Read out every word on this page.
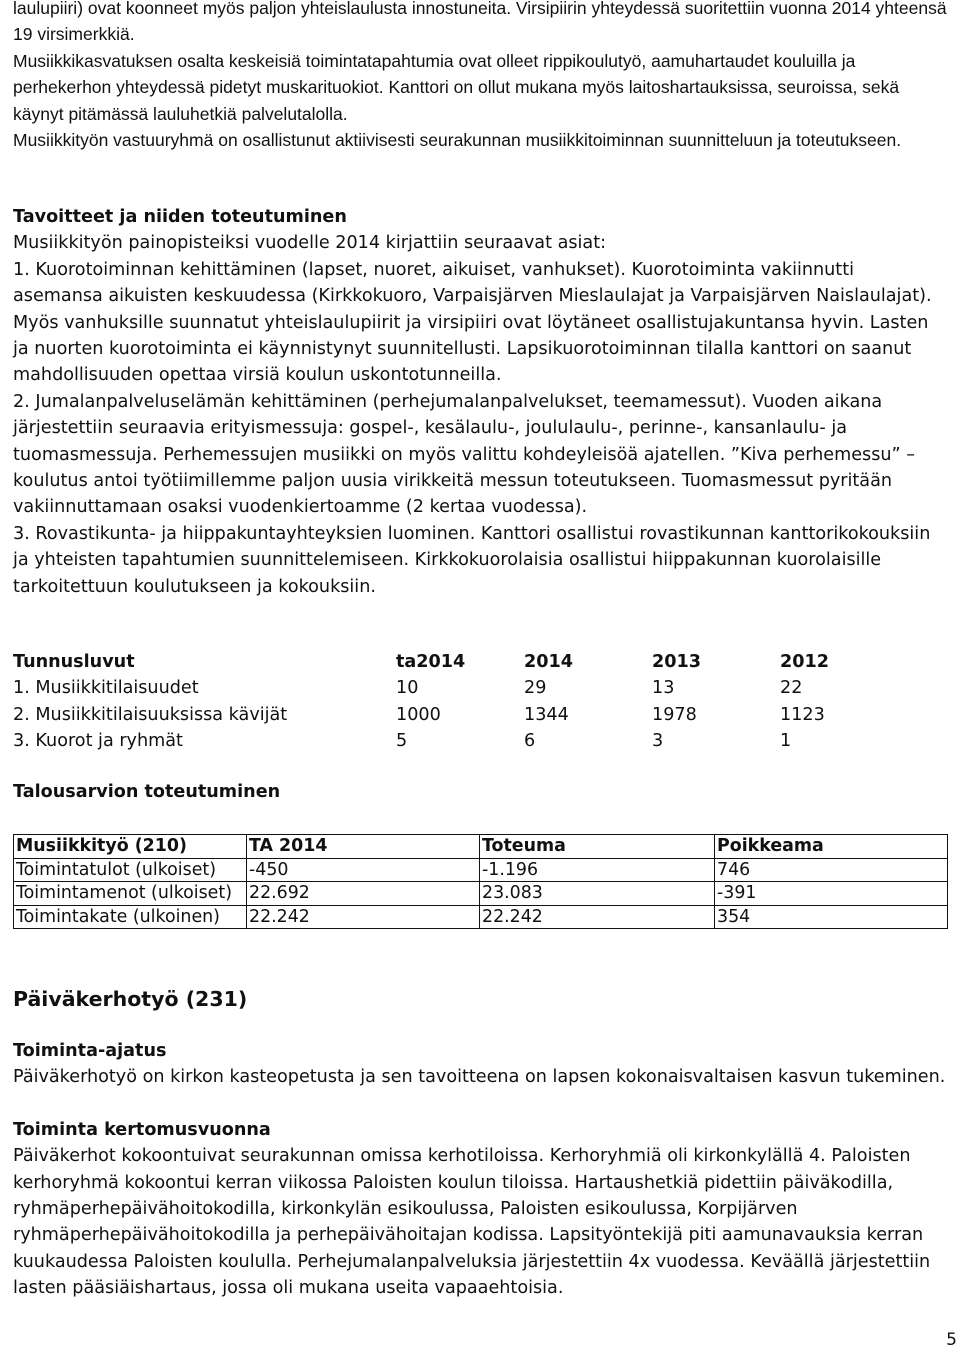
laulupiiri) ovat koonneet myös paljon yhteislaulusta innostuneita. Virsipiirin yhteydessä suoritettiin vuonna 2014 yhteensä 19 virsimerkkiä.

Musiikkikasvatuksen osalta keskeisiä toimintatapahtumia ovat olleet rippikoulutyö, aamuhartaudet kouluilla ja perhekerhon yhteydessä pidetyt muskarituokiot. Kanttori on ollut mukana myös laitoshartauksissa, seuroissa, sekä käynyt pitämässä lauluhetkiä palvelutalolla.

Musiikkityön vastuuryhmä on osallistunut aktiivisesti seurakunnan musiikkitoiminnan suunnitteluun ja toteutukseen.

Tavoitteet ja niiden toteutuminen

Musiikkityön painopisteiksi vuodelle 2014 kirjattiin seuraavat asiat:

1. Kuorotoiminnan kehittäminen (lapset, nuoret, aikuiset, vanhukset). Kuorotoiminta vakiinnutti asemansa aikuisten keskuudessa (Kirkkokuoro, Varpaisjärven Mieslaulajat ja Varpaisjärven Naislaulajat). Myös vanhuksille suunnatut yhteislaulupiirit ja virsipiiri ovat löytäneet osallistujakuntansa hyvin. Lasten ja nuorten kuorotoiminta ei käynnistynyt suunnitellusti. Lapsikuorotoiminnan tilalla kanttori on saanut mahdollisuuden opettaa virsiä koulun uskontotunneilla.

2. Jumalanpalveluselämän kehittäminen (perhejumalanpalvelukset, teemamessut). Vuoden aikana järjestettiin seuraavia erityismessuja: gospel-, kesälaulu-, joululaulu-, perinne-, kansanlaulu- ja tuomasmessuja. Perhemessujen musiikki on myös valittu kohdeyleisöä ajatellen. ”Kiva perhemessu” – koulutus antoi työtiimillemme paljon uusia virikkeitä messun toteutukseen. Tuomasmessut pyritään vakiinnuttamaan osaksi vuodenkiertoamme (2 kertaa vuodessa).

3. Rovastikunta- ja hiippakuntayhteyksien luominen. Kanttori osallistui rovastikunnan kanttorikokouksiin ja yhteisten tapahtumien suunnittelemiseen. Kirkkokuorolaisia osallistui hiippakunnan kuorolaisille tarkoitettuun koulutukseen ja kokouksiin.

Tunnusluvut	ta2014	2014	2013	2012
1. Musiikkitilaisuudet	10	29	13	22
2. Musiikkitilaisuuksissa kävijät	1000	1344	1978	1123
3. Kuorot ja ryhmät	5	6	3	1
Talousarvion toteutuminen
Musiikkityö (210)	TA 2014	Toteuma	Poikkeama
Toimintatulot (ulkoiset)	-450	-1.196	746
Toimintamenot (ulkoiset)	22.692	23.083	-391
Toimintakate (ulkoinen)	22.242	22.242	354
Päiväkerhotyö (231)
Toiminta-ajatus

Päiväkerhotyö on kirkon kasteopetusta ja sen tavoitteena on lapsen kokonaisvaltaisen kasvun tukeminen.

Toiminta kertomusvuonna

Päiväkerhot kokoontuivat seurakunnan omissa kerhotiloissa. Kerhoryhmiä oli kirkonkylällä 4. Paloisten kerhoryhmä kokoontui kerran viikossa Paloisten koulun tiloissa. Hartaushetkiä pidettiin päiväkodilla, ryhmäperhepäivähoitokodilla, kirkonkylän esikoulussa, Paloisten esikoulussa, Korpijärven ryhmäperhepäivähoitokodilla ja perhepäivähoitajan kodissa. Lapsityöntekijä piti aamunavauksia kerran kuukaudessa Paloisten koululla. Perhejumalanpalveluksia järjestettiin 4x vuodessa. Keväällä järjestettiin lasten pääsiäishartaus, jossa oli mukana useita vapaaehtoisia.

5
